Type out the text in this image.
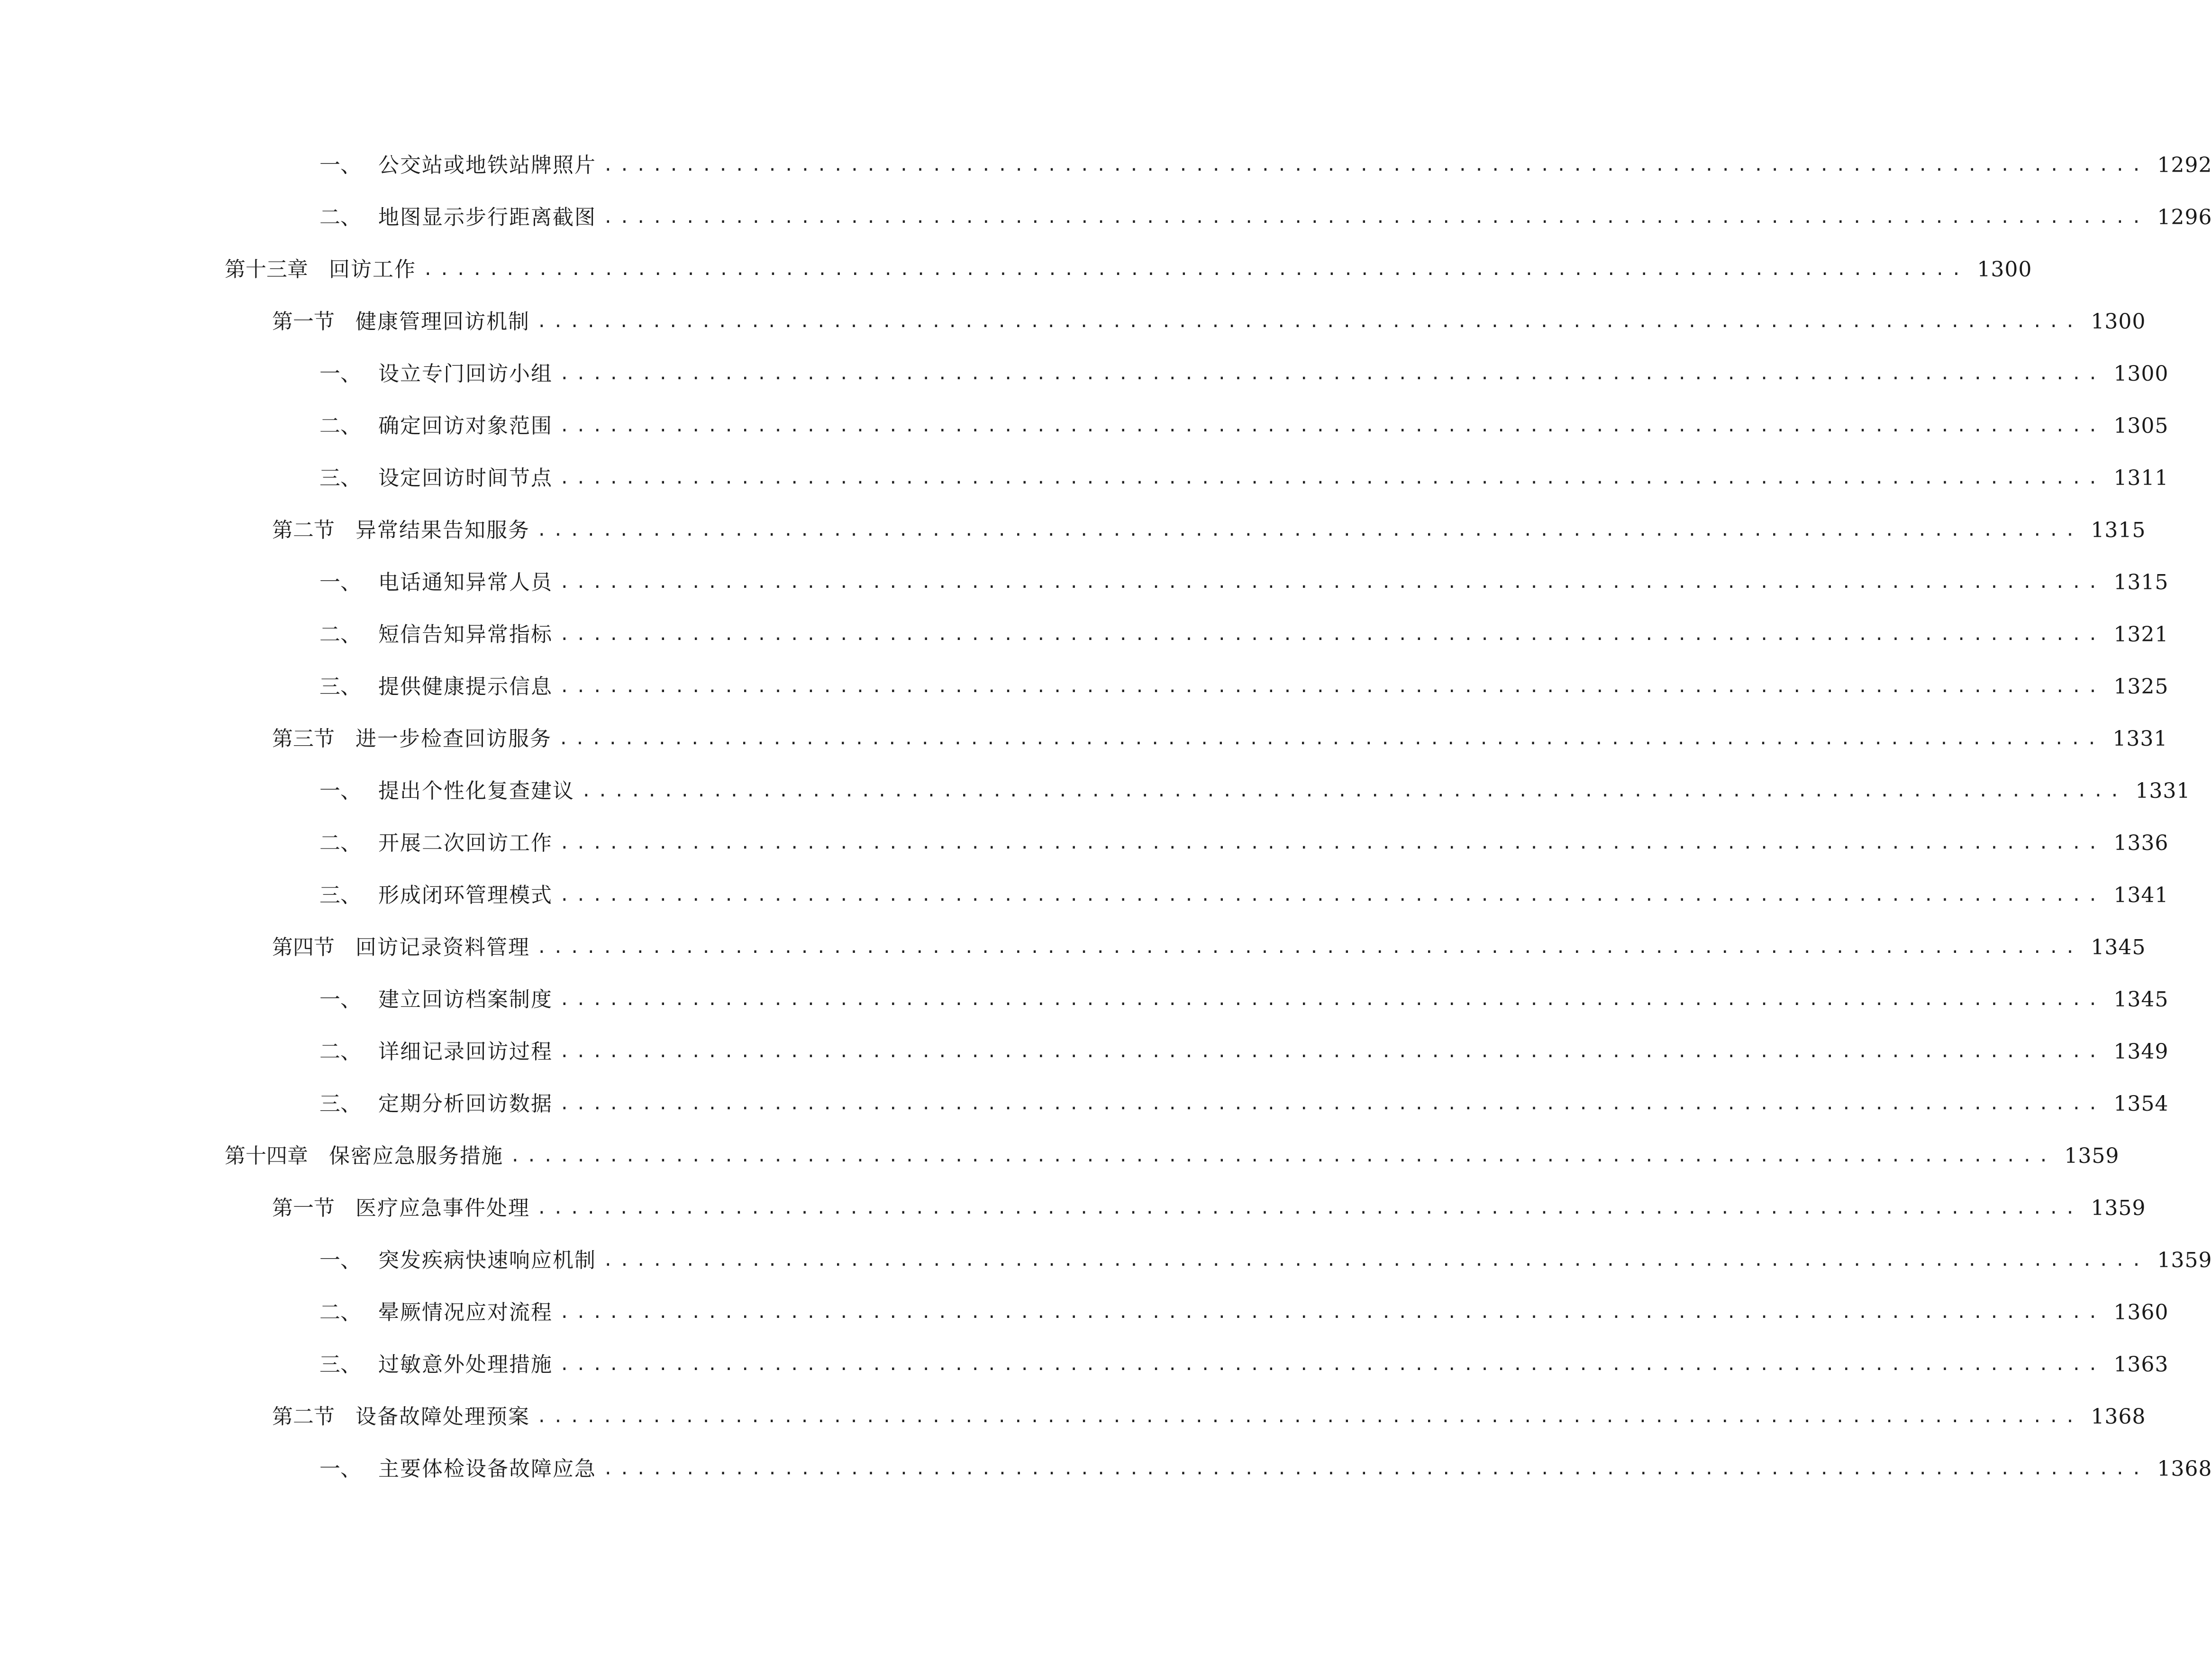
一、 公交站或地铁站牌照片 .............................................................................................. 1292
二、 地图显示步行距离截图 .............................................................................................. 1296
第十三章	回访工作 .............................................................................................. 1300
第一节	健康管理回访机制 .............................................................................................. 1300
一、 设立专门回访小组 .............................................................................................. 1300
二、 确定回访对象范围 .............................................................................................. 1305
三、 设定回访时间节点 .............................................................................................. 1311
第二节	异常结果告知服务 .............................................................................................. 1315
一、 电话通知异常人员 .............................................................................................. 1315
二、 短信告知异常指标 .............................................................................................. 1321
三、 提供健康提示信息 .............................................................................................. 1325
第三节	进一步检查回访服务 .............................................................................................. 1331
一、 提出个性化复查建议 .............................................................................................. 1331
二、 开展二次回访工作 .............................................................................................. 1336
三、 形成闭环管理模式 .............................................................................................. 1341
第四节	回访记录资料管理 .............................................................................................. 1345
一、 建立回访档案制度 .............................................................................................. 1345
二、 详细记录回访过程 .............................................................................................. 1349
三、 定期分析回访数据 .............................................................................................. 1354
第十四章	保密应急服务措施 .............................................................................................. 1359
第一节	医疗应急事件处理 .............................................................................................. 1359
一、 突发疾病快速响应机制 .............................................................................................. 1359
二、 晕厥情况应对流程 .............................................................................................. 1360
三、 过敏意外处理措施 .............................................................................................. 1363
第二节	设备故障处理预案 .............................................................................................. 1368
一、 主要体检设备故障应急 .............................................................................................. 1368
